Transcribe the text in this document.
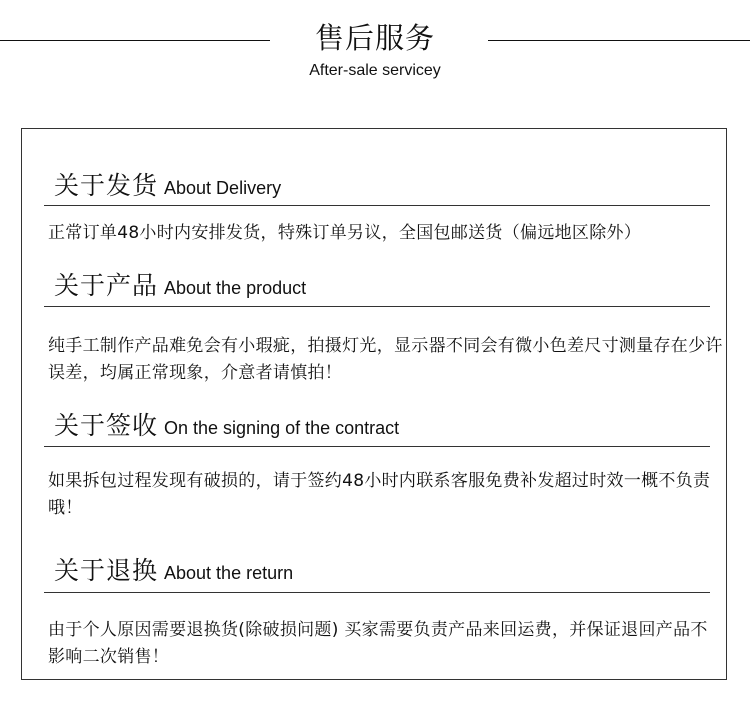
售后服务
After-sale servicey
关于发货 About Delivery
正常订单48小时内安排发货，特殊订单另议，全国包邮送货（偏远地区除外）
关于产品 About the product
纯手工制作产品难免会有小瑕疵，拍摄灯光，显示器不同会有微小色差尺寸测量存在少许误差，均属正常现象，介意者请慎拍！
关于签收 On the signing of the contract
如果拆包过程发现有破损的，请于签约48小时内联系客服免费补发超过时效一概不负责哦！
关于退换 About the return
由于个人原因需要退换货(除破损问题) 买家需要负责产品来回运费，并保证退回产品不影响二次销售！
